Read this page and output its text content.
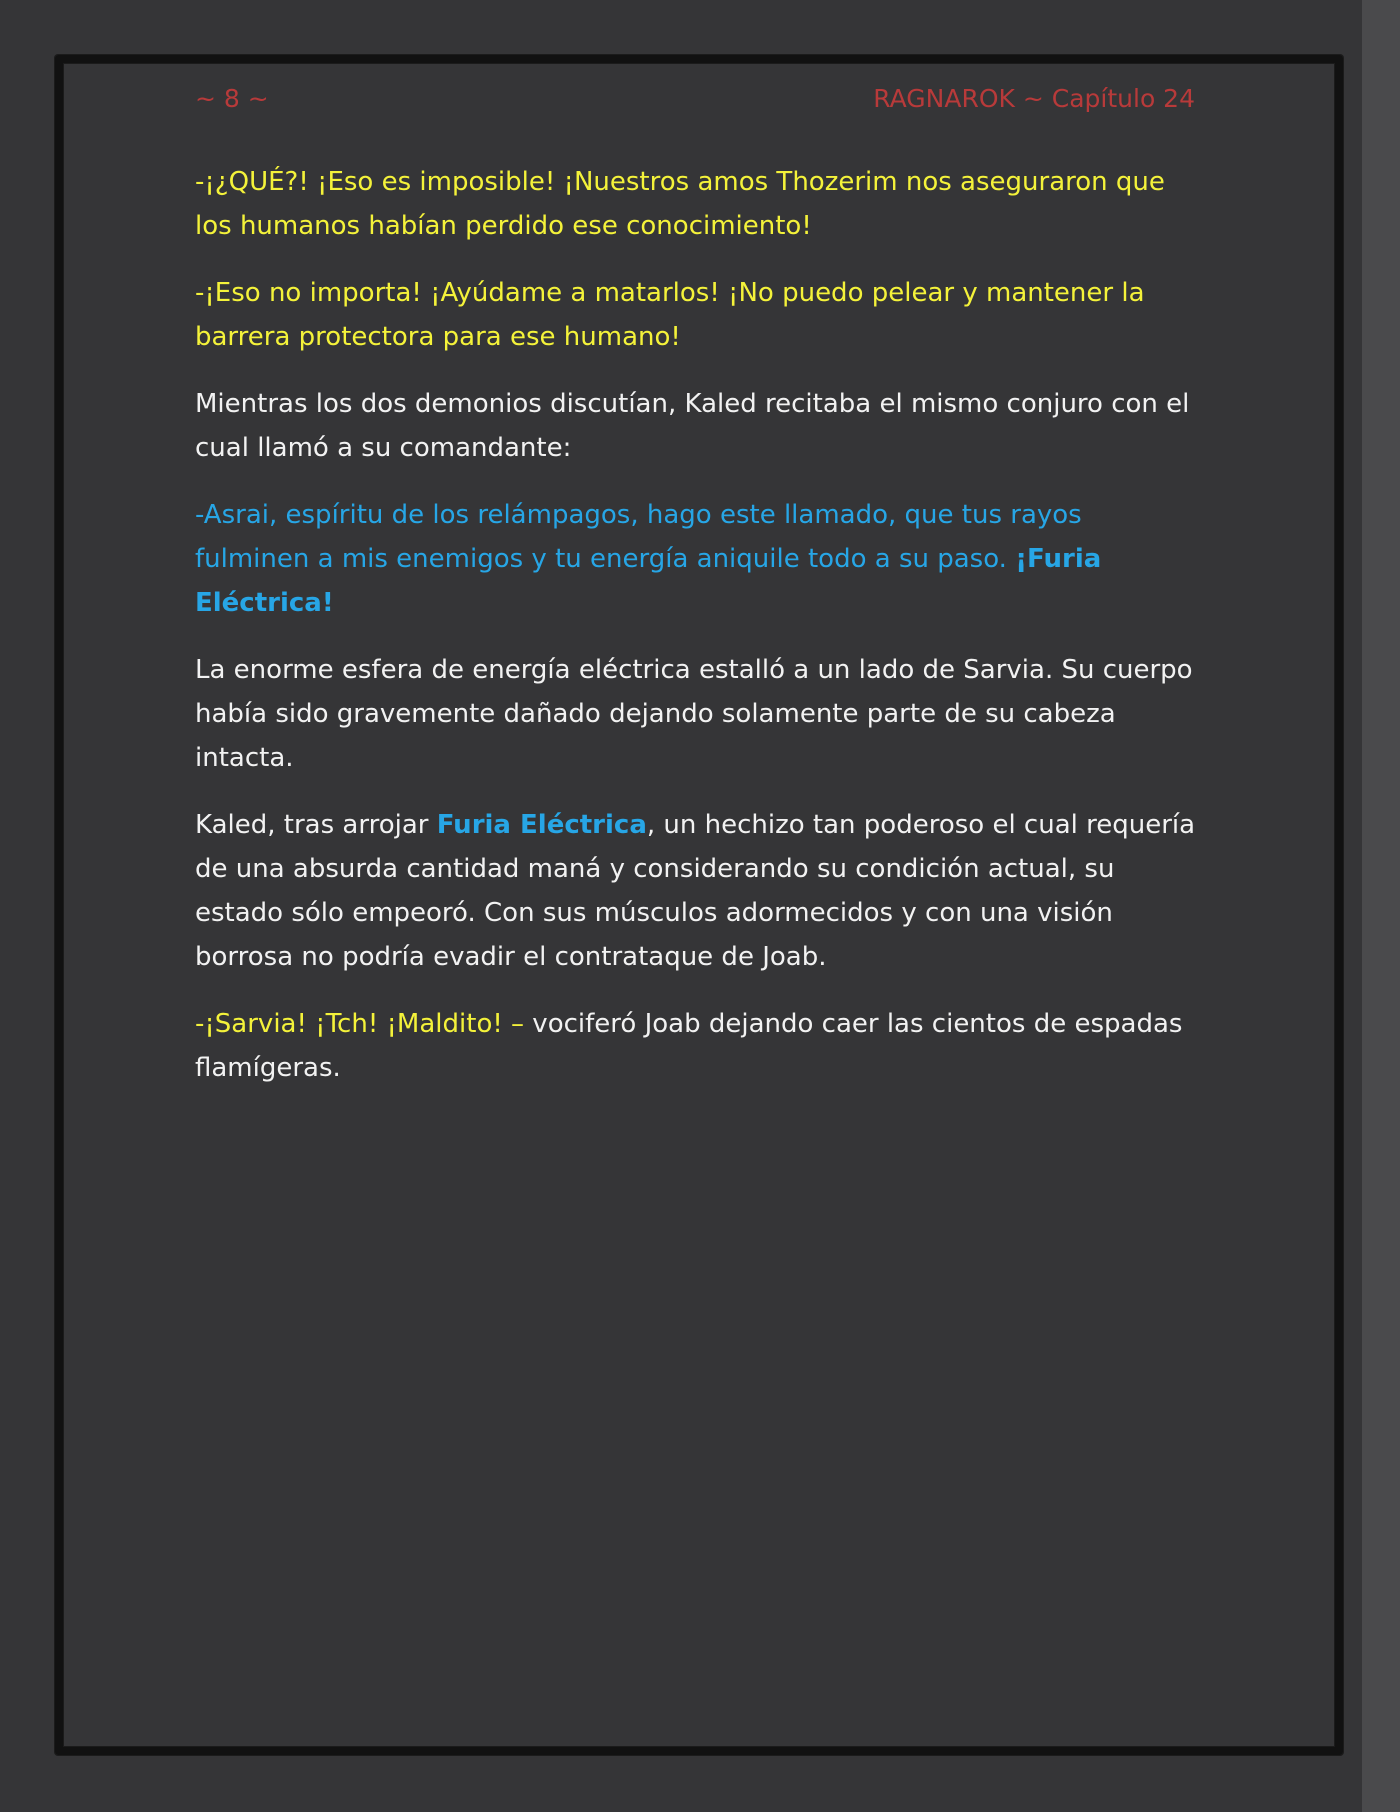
~ 8 ~	RAGNAROK ~ Capítulo 24

-¡¿QUÉ?! ¡Eso es imposible! ¡Nuestros amos Thozerim nos aseguraron que los humanos habían perdido ese conocimiento!

-¡Eso no importa! ¡Ayúdame a matarlos! ¡No puedo pelear y mantener la barrera protectora para ese humano!

Mientras los dos demonios discutían, Kaled recitaba el mismo conjuro con el cual llamó a su comandante:

-Asrai, espíritu de los relámpagos, hago este llamado, que tus rayos fulminen a mis enemigos y tu energía aniquile todo a su paso. ¡Furia Eléctrica!

La enorme esfera de energía eléctrica estalló a un lado de Sarvia. Su cuerpo había sido gravemente dañado dejando solamente parte de su cabeza intacta.

Kaled, tras arrojar Furia Eléctrica, un hechizo tan poderoso el cual requería de una absurda cantidad maná y considerando su condición actual, su estado sólo empeoró. Con sus músculos adormecidos y con una visión borrosa no podría evadir el contrataque de Joab.

-¡Sarvia! ¡Tch! ¡Maldito! – vociferó Joab dejando caer las cientos de espadas flamígeras.
